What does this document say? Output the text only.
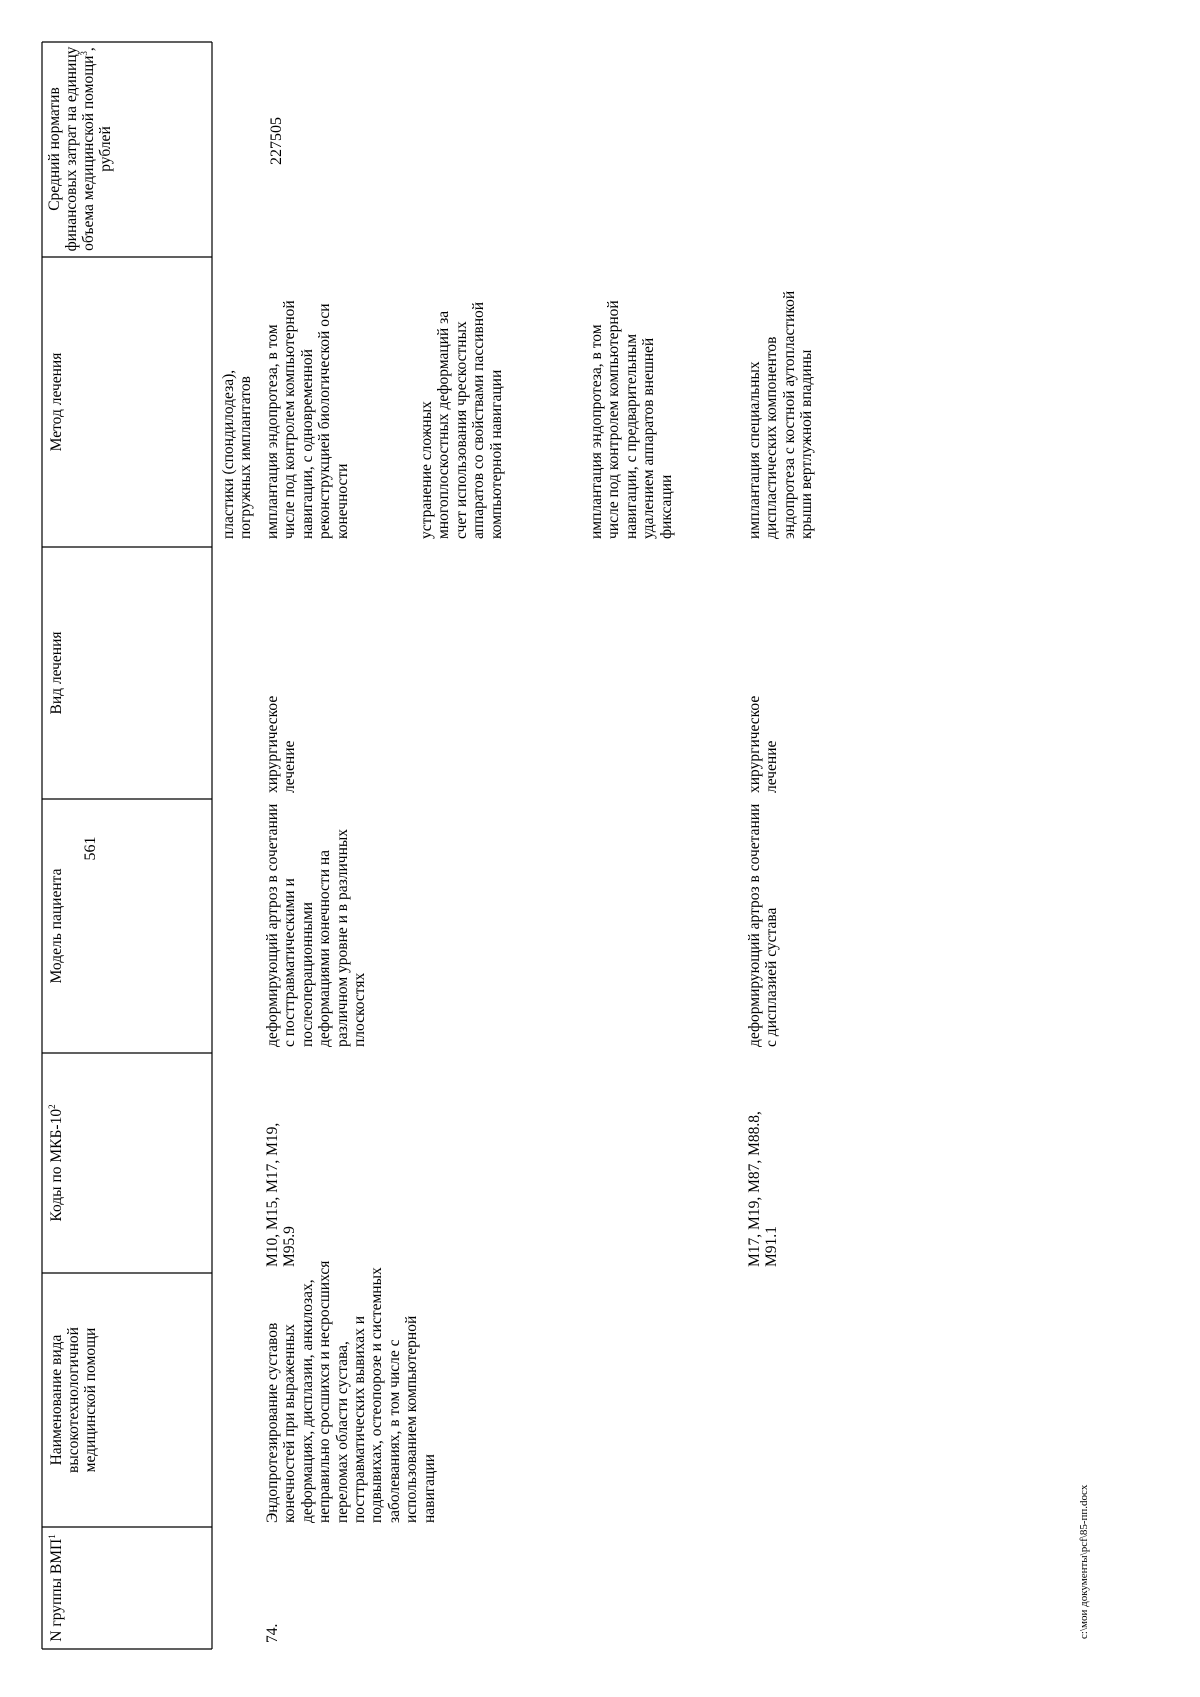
561
N группы ВМП$^1$
Наименование вида высокотехнологичной медицинской помощи
Коды по МКБ-$10^2$
Модель пациента
Вид лечения
Метод лечения
Средний норматив финансовых затрат на единицу объема медицинской помощи$^3$, рублей
пластики (спондилодеза), погружных имплантатов
74.
Эндопротезирование суставов конечностей при выраженных деформациях, дисплазии, анкилозах, неправильно сросшихся и несросшихся переломах области сустава, посттравматических вывихах и подвывихах, остеопорозе и системных заболеваниях, в том числе с использованием компьютерной навигации
M10, M15, M17, M19, M95.9
деформирующий артроз в сочетании с посттравматическими и послеоперационными деформациями конечности на различном уровне и в различных плоскостях
хирургическое лечение
имплантация эндопротеза, в том числе под контролем компьютерной навигации, с одновременной реконструкцией биологической оси конечности	устранение сложных многоплоскостных деформаций за счет использования чрескостных аппаратов со свойствами пассивной компьютерной навигации	имплантация эндопротеза, в том числе под контролем компьютерной навигации, с предварительным удалением аппаратов внешней фиксации
227505
M17, M19, M87, M88.8, M91.1
деформирующий артроз в сочетании с дисплазией сустава
хирургическое лечение
имплантация специальных диспластических компонентов эндопротеза с костной аутопластикой крыши вертлужной впадины
c:\мои документы\pcf\85-пп.docx
